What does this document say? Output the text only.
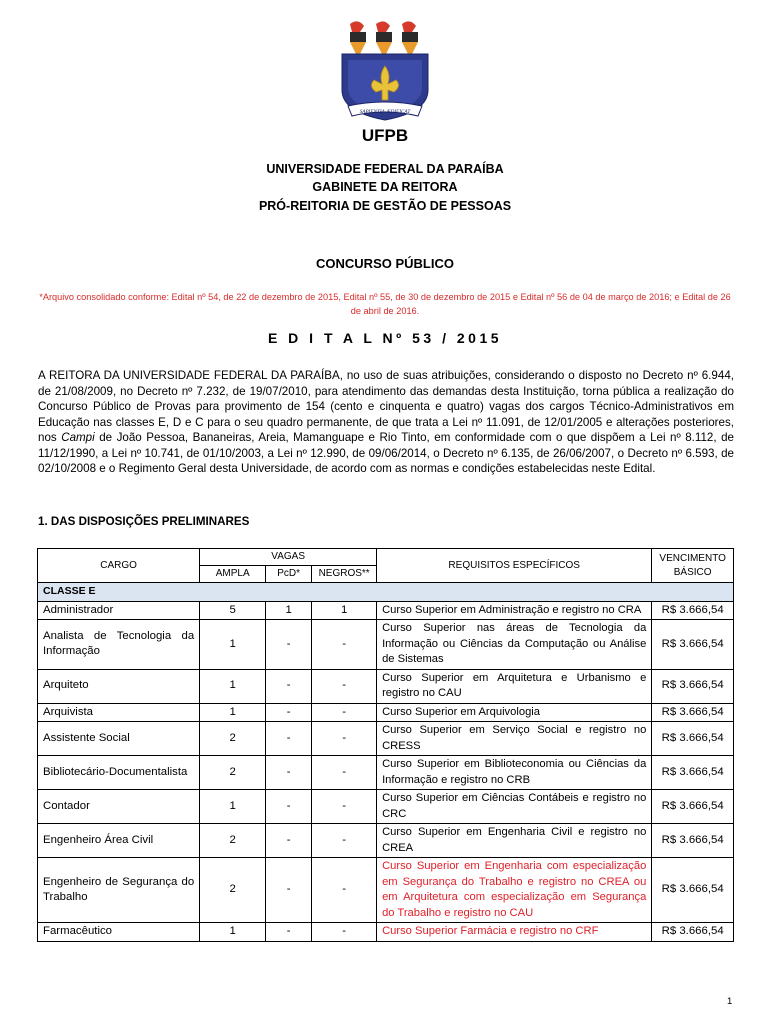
SAPIENTIA ÆDIFICAT
UFPB
UNIVERSIDADE FEDERAL DA PARAÍBA
GABINETE DA REITORA
PRÓ-REITORIA DE GESTÃO DE PESSOAS
CONCURSO PÚBLICO
*Arquivo consolidado conforme: Edital nº 54, de 22 de dezembro de 2015, Edital nº 55, de 30 de dezembro de 2015 e Edital nº 56 de 04 de março de 2016; e Edital de 26 de abril de 2016.
E D I T A L Nº 53 / 2015

A REITORA DA UNIVERSIDADE FEDERAL DA PARAÍBA, no uso de suas atribuições, considerando o disposto no Decreto nº 6.944, de 21/08/2009, no Decreto nº 7.232, de 19/07/2010, para atendimento das demandas desta Instituição, torna pública a realização do Concurso Público de Provas para provimento de 154 (cento e cinquenta e quatro) vagas dos cargos Técnico-Administrativos em Educação nas classes E, D e C para o seu quadro permanente, de que trata a Lei nº 11.091, de 12/01/2005 e alterações posteriores, nos Campi de João Pessoa, Bananeiras, Areia, Mamanguape e Rio Tinto, em conformidade com o que dispõem a Lei nº 8.112, de 11/12/1990, a Lei nº 10.741, de 01/10/2003, a Lei nº 12.990, de 09/06/2014, o Decreto nº 6.135, de 26/06/2007, o Decreto nº 6.593, de 02/10/2008 e o Regimento Geral desta Universidade, de acordo com as normas e condições estabelecidas neste Edital.

1. DAS DISPOSIÇÕES PRELIMINARES
CARGO	VAGAS			REQUISITOS ESPECÍFICOS	VENCIMENTO BÁSICO
	AMPLA	PcD*	NEGROS**		
CLASSE E					
Administrador	5	1	1	Curso Superior em Administração e registro no CRA	R$ 3.666,54
Analista de Tecnologia da Informação	1	-	-	Curso Superior nas áreas de Tecnologia da Informação ou Ciências da Computação ou Análise de Sistemas	R$ 3.666,54
Arquiteto	1	-	-	Curso Superior em Arquitetura e Urbanismo e registro no CAU	R$ 3.666,54
Arquivista	1	-	-	Curso Superior em Arquivologia	R$ 3.666,54
Assistente Social	2	-	-	Curso Superior em Serviço Social e registro no CRESS	R$ 3.666,54
Bibliotecário-Documentalista	2	-	-	Curso Superior em Biblioteconomia ou Ciências da Informação e registro no CRB	R$ 3.666,54
Contador	1	-	-	Curso Superior em Ciências Contábeis e registro no CRC	R$ 3.666,54
Engenheiro Área Civil	2	-	-	Curso Superior em Engenharia Civil e registro no CREA	R$ 3.666,54
Engenheiro de Segurança do Trabalho	2	-	-	Curso Superior em Engenharia com especialização em Segurança do Trabalho e registro no CREA ou em Arquitetura com especialização em Segurança do Trabalho e registro no CAU	R$ 3.666,54
Farmacêutico	1	-	-	Curso Superior Farmácia e registro no CRF	R$ 3.666,54
1
